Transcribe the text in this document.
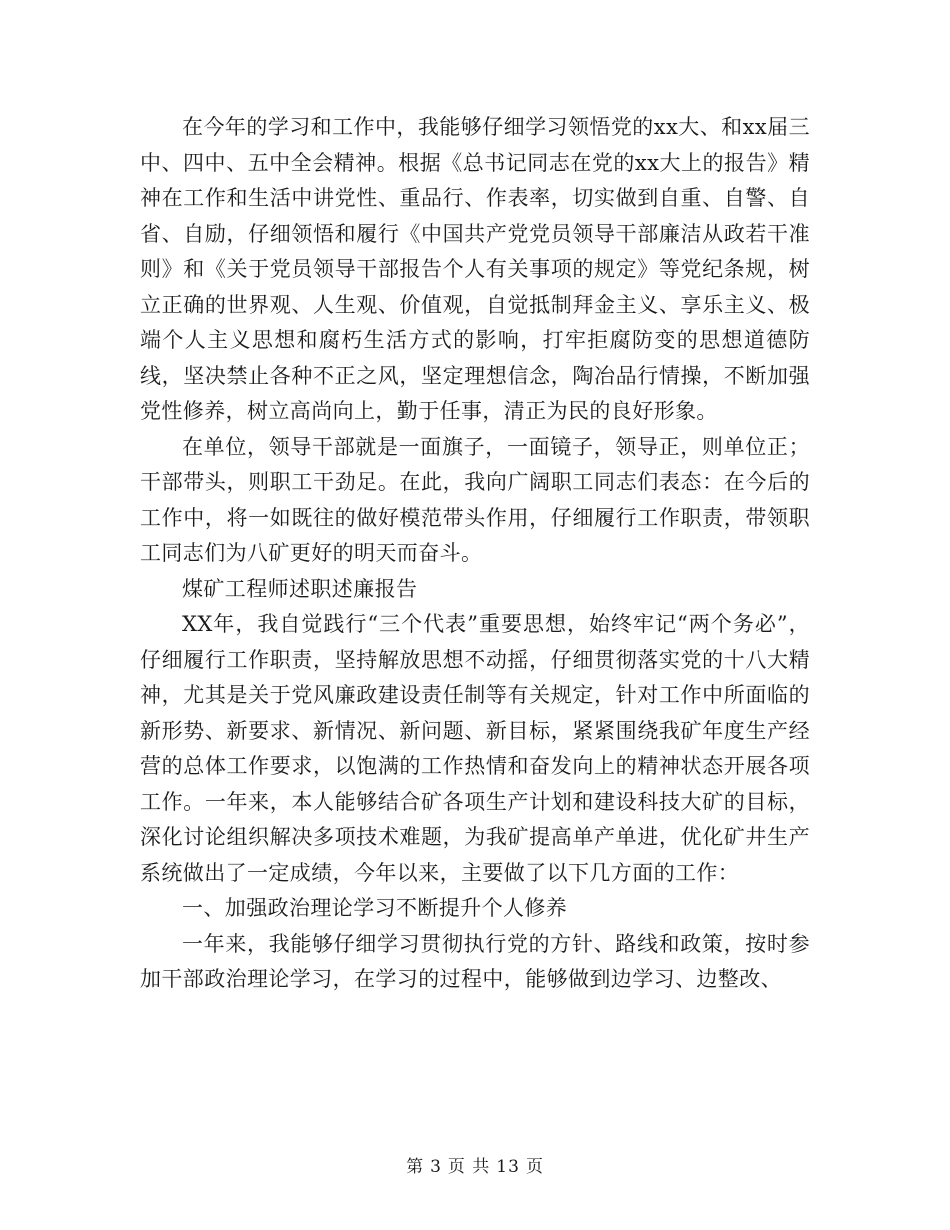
在今年的学习和工作中，我能够仔细学习领悟党的xx大、和xx届三中、四中、五中全会精神。根据《总书记同志在党的xx大上的报告》精神在工作和生活中讲党性、重品行、作表率，切实做到自重、自警、自省、自励，仔细领悟和履行《中国共产党党员领导干部廉洁从政若干准则》和《关于党员领导干部报告个人有关事项的规定》等党纪条规，树立正确的世界观、人生观、价值观，自觉抵制拜金主义、享乐主义、极端个人主义思想和腐朽生活方式的影响，打牢拒腐防变的思想道德防线，坚决禁止各种不正之风，坚定理想信念，陶冶品行情操，不断加强党性修养，树立高尚向上，勤于任事，清正为民的良好形象。

在单位，领导干部就是一面旗子，一面镜子，领导正，则单位正；干部带头，则职工干劲足。在此，我向广阔职工同志们表态：在今后的工作中，将一如既往的做好模范带头作用，仔细履行工作职责，带领职工同志们为八矿更好的明天而奋斗。

煤矿工程师述职述廉报告

XX年，我自觉践行“三个代表”重要思想，始终牢记“两个务必”，仔细履行工作职责，坚持解放思想不动摇，仔细贯彻落实党的十八大精神，尤其是关于党风廉政建设责任制等有关规定，针对工作中所面临的新形势、新要求、新情况、新问题、新目标，紧紧围绕我矿年度生产经营的总体工作要求，以饱满的工作热情和奋发向上的精神状态开展各项工作。一年来，本人能够结合矿各项生产计划和建设科技大矿的目标，深化讨论组织解决多项技术难题，为我矿提高单产单进，优化矿井生产系统做出了一定成绩，今年以来，主要做了以下几方面的工作：

一、加强政治理论学习不断提升个人修养

一年来，我能够仔细学习贯彻执行党的方针、路线和政策，按时参加干部政治理论学习，在学习的过程中，能够做到边学习、边整改、

第 3 页 共 13 页
